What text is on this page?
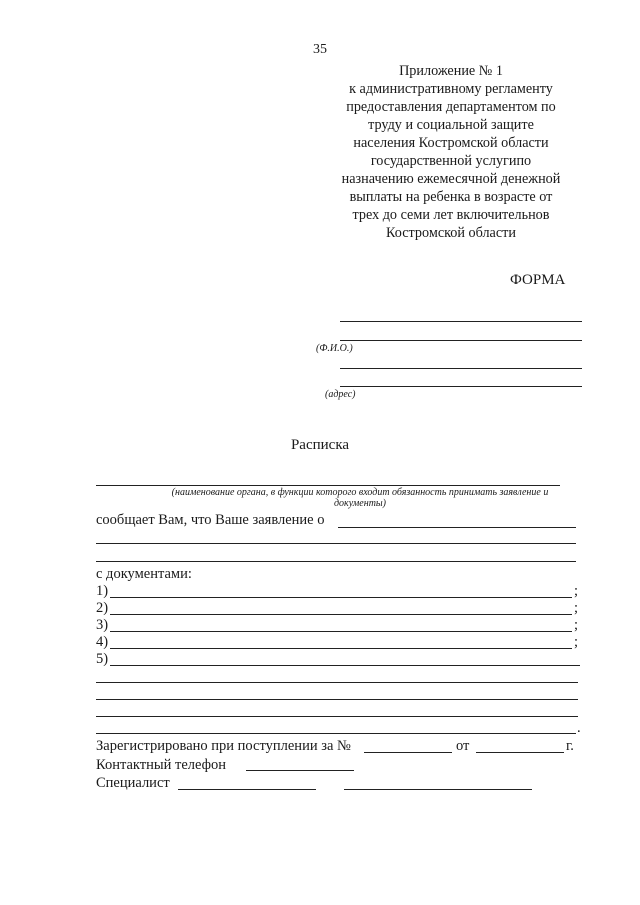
35
Приложение № 1
к административному регламенту
предоставления департаментом по
труду и социальной защите
населения Костромской области
государственной услугипо
назначению ежемесячной денежной
выплаты на ребенка в возрасте от
трех до семи лет включительнов
Костромской области
ФОРМА
(Ф.И.О.)
(адрес)
Расписка
(наименование органа, в функции которого входит обязанность принимать заявление и документы)
сообщает Вам, что Ваше заявление о
с документами:
1)	;
2)	;
3)	;
4)	;
5)
.
Зарегистрировано при поступлении за №	от	г.
Контактный телефон
Специалист
